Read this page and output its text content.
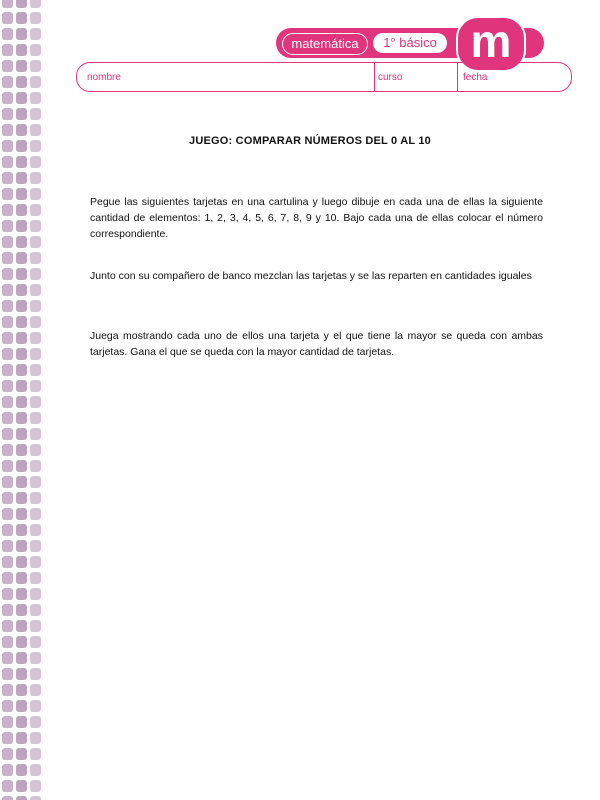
matemática	1° básico m
nombre	curso	fecha
JUEGO: COMPARAR NÚMEROS DEL 0 AL 10
Pegue las siguientes tarjetas en una cartulina y luego dibuje en cada una de ellas la siguiente cantidad de elementos: 1, 2, 3, 4, 5, 6, 7, 8, 9 y 10. Bajo cada una de ellas colocar el número correspondiente.
Junto con su compañero de banco mezclan las tarjetas y se las reparten en cantidades iguales
Juega mostrando cada uno de ellos una tarjeta y el que tiene la mayor se queda con ambas tarjetas. Gana el que se queda con la mayor cantidad de tarjetas.
